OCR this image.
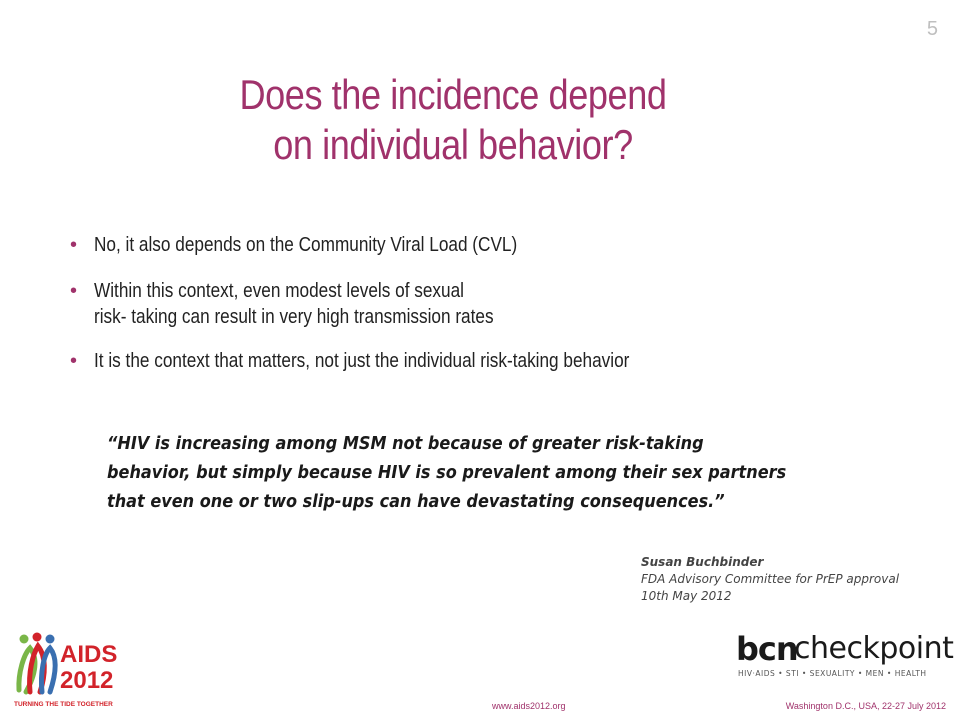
5
Does the incidence depend
on individual behavior?
• No, it also depends on the Community Viral Load (CVL)
• Within this context, even modest levels of sexual
risk- taking can result in very high transmission rates
• It is the context that matters, not just the individual risk-taking behavior
“HIV is increasing among MSM not because of greater risk-taking
behavior, but simply because HIV is so prevalent among their sex partners
that even one or two slip-ups can have devastating consequences.”
Susan Buchbinder
FDA Advisory Committee for PrEP approval
10th May 2012
AIDS
2012
TURNING THE TIDE TOGETHER
bcn
checkpoint
HIV·AIDS • STI • SEXUALITY • MEN • HEALTH
www.aids2012.org	Washington D.C., USA, 22-27 July 2012
